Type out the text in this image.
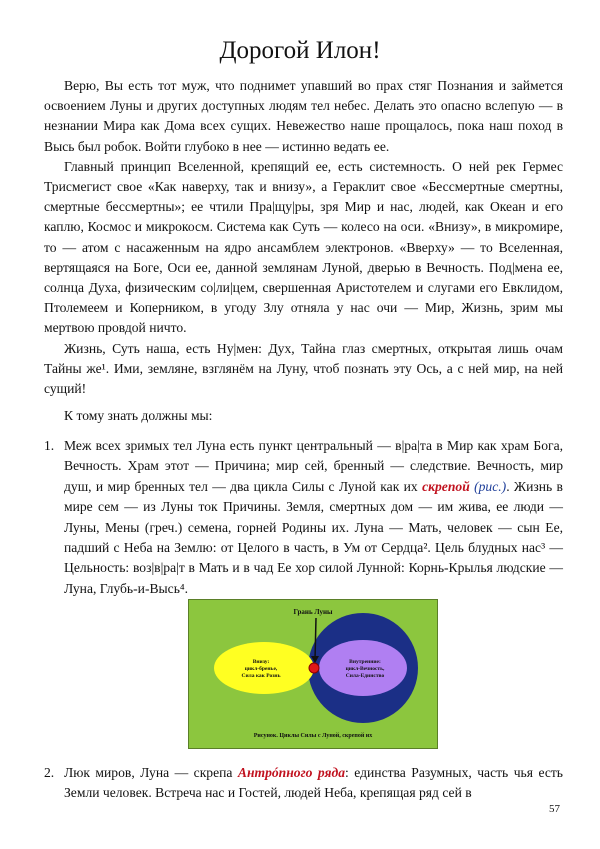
Дорогой Илон!

Верю, Вы есть тот муж, что поднимет упавший во прах стяг Познания и займется освоением Луны и других доступных людям тел небес. Делать это опасно вслепую — в незнании Мира как Дома всех сущих. Невежество наше прощалось, пока наш поход в Высь был робок. Войти глубоко в нее — истинно ведать ее.

Главный принцип Вселенной, крепящий ее, есть системность. О ней рек Гермес Трисмегист свое «Как наверху, так и внизу», а Гераклит свое «Бессмертные смертны, смертные бессмертны»; ее чтили Пра|щу|ры, зря Мир и нас, людей, как Океан и его каплю, Космос и микрокосм. Система как Суть — колесо на оси. «Внизу», в микромире, то — атом с насаженным на ядро ансамблем электронов. «Вверху» — то Вселенная, вертящаяся на Боге, Оси ее, данной землянам Луной, дверью в Вечность. Под|мена ее, солнца Духа, физическим со|ли|цем, свершенная Аристотелем и слугами его Евклидом, Птолемеем и Коперником, в угоду Злу отняла у нас очи — Мир, Жизнь, зрим мы мертвою провдой ничто.

Жизнь, Суть наша, есть Ну|мен: Дух, Тайна глаз смертных, открытая лишь очам Тайны же¹. Ими, земляне, взглянём на Луну, чтоб познать эту Ось, а с ней мир, на ней сущий!

К тому знать должны мы:
1. Меж всех зримых тел Луна есть пункт центральный — в|ра|та в Мир как храм Бога, Вечность. Храм этот — Причина; мир сей, бренный — следствие. Вечность, мир душ, и мир бренных тел — два цикла Силы с Луной как их скрепой (рис.). Жизнь в мире сем — из Луны ток Причины. Земля, смертных дом — им жива, ее люди — Луны, Мены (греч.) семена, горней Родины их. Луна — Мать, человек — сын Ее, падший с Неба на Землю: от Целого в часть, в Ум от Сердца². Цель блудных нас³ — Цельность: воз|в|ра|т в Мать и в чад Ее хор силой Лунной: Корнь-Крылья людские — Луна, Глубь-и-Высь⁴.
Грань Луны
Внизу:
цикл-бренье,
Сила как Рознь
Внутренние:
цикл-Вечность,
Сила-Единство
Рисунок. Циклы Силы с Луной, скрепой их
2. Люк миров, Луна — скрепа Антрóпного ряда: единства Разумных, часть чья есть Земли человек. Встреча нас и Гостей, людей Неба, крепящая ряд сей в
57
